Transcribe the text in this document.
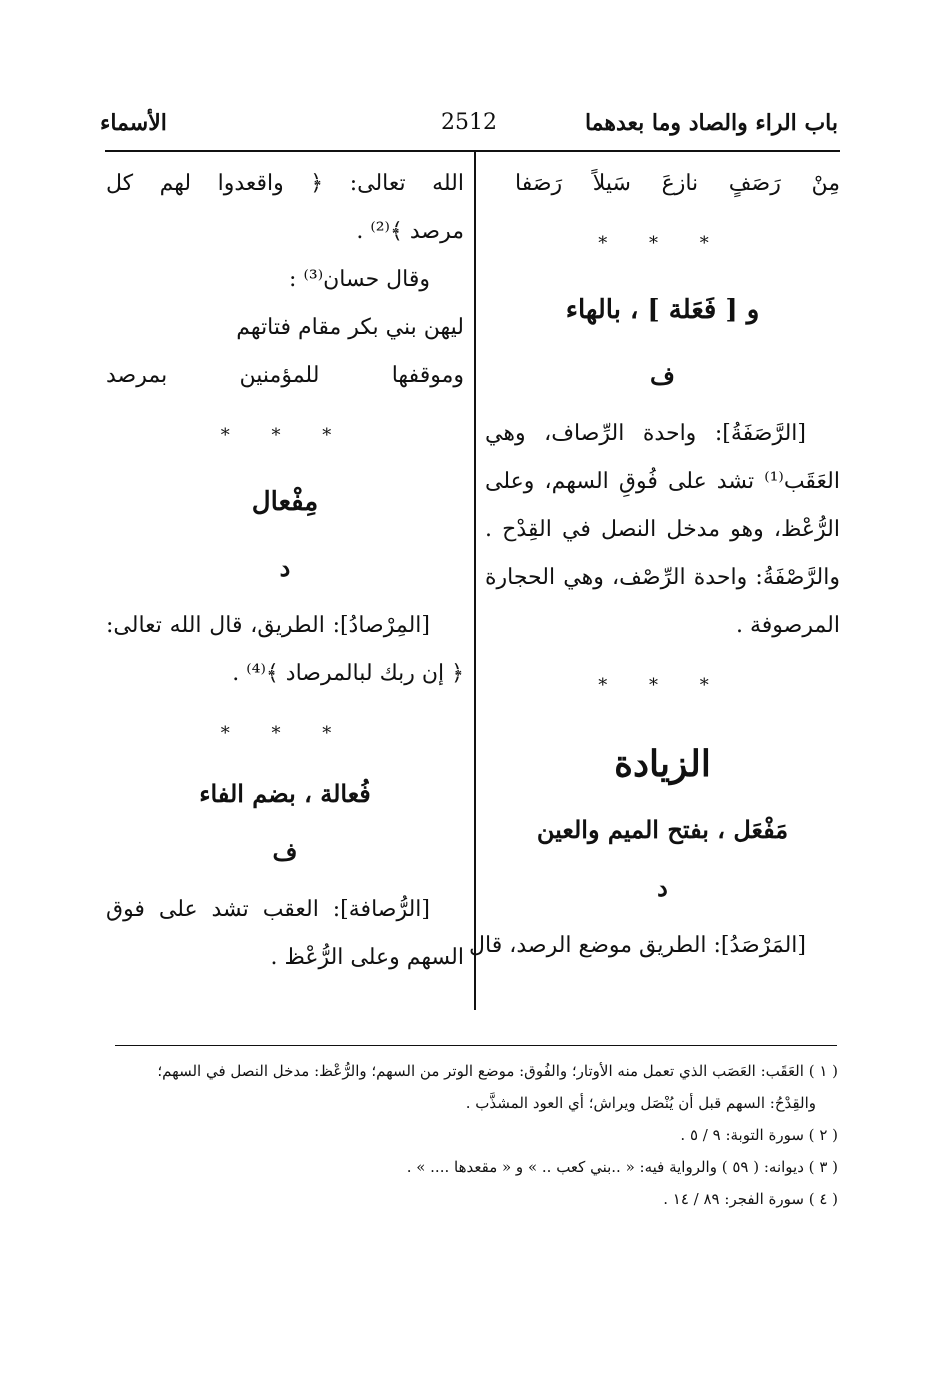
باب الراء والصاد وما بعدهما
2512
الأسماء
مِنْ رَصَفٍ نازعَ سَيلاً رَصَفا
* * *
و [ فَعَلة ] ، بالهاء
ف
[الرَّصَفَةُ]: واحدة الرِّصاف، وهي
العَقَب⁽¹⁾ تشد على فُوقِ السهم، وعلى
الرُّعْظ، وهو مدخل النصل في القِدْح .
والرَّصْفَةُ: واحدة الرِّصْف، وهي الحجارة
المرصوفة .
* * *
الزيادة
مَفْعَل ، بفتح الميم والعين
د
[المَرْصَدُ]: الطريق موضع الرصد، قال
الله تعالى: ﴿ واقعدوا لهم كل
مرصد ﴾⁽²⁾ .
وقال حسان⁽³⁾ :
ليهن بني بكر مقام فتاتهم
وموقفها للمؤمنين بمرصد
* * *
مِفْعال
د
[المِرْصادُ]: الطريق، قال الله تعالى:
﴿ إن ربك لبالمرصاد ﴾⁽⁴⁾ .
* * *
فُعالة ، بضم الفاء
ف
[الرُّصافة]: العقب تشد على فوق
السهم وعلى الرُّعْظ .
( ١ ) العَقَب: العَصَب الذي تعمل منه الأوتار؛ والفُوق: موضع الوتر من السهم؛ والرُّعْظ: مدخل النصل في السهم؛
والقِدْحُ: السهم قبل أن يُنْصَل ويراش؛ أي العود المشذَّب .
( ٢ ) سورة التوبة: ٩ / ٥ .
( ٣ ) ديوانه: ( ٥٩ ) والرواية فيه: « ..بني كعب .. » و « مقعدها .... » .
( ٤ ) سورة الفجر: ٨٩ / ١٤ .
